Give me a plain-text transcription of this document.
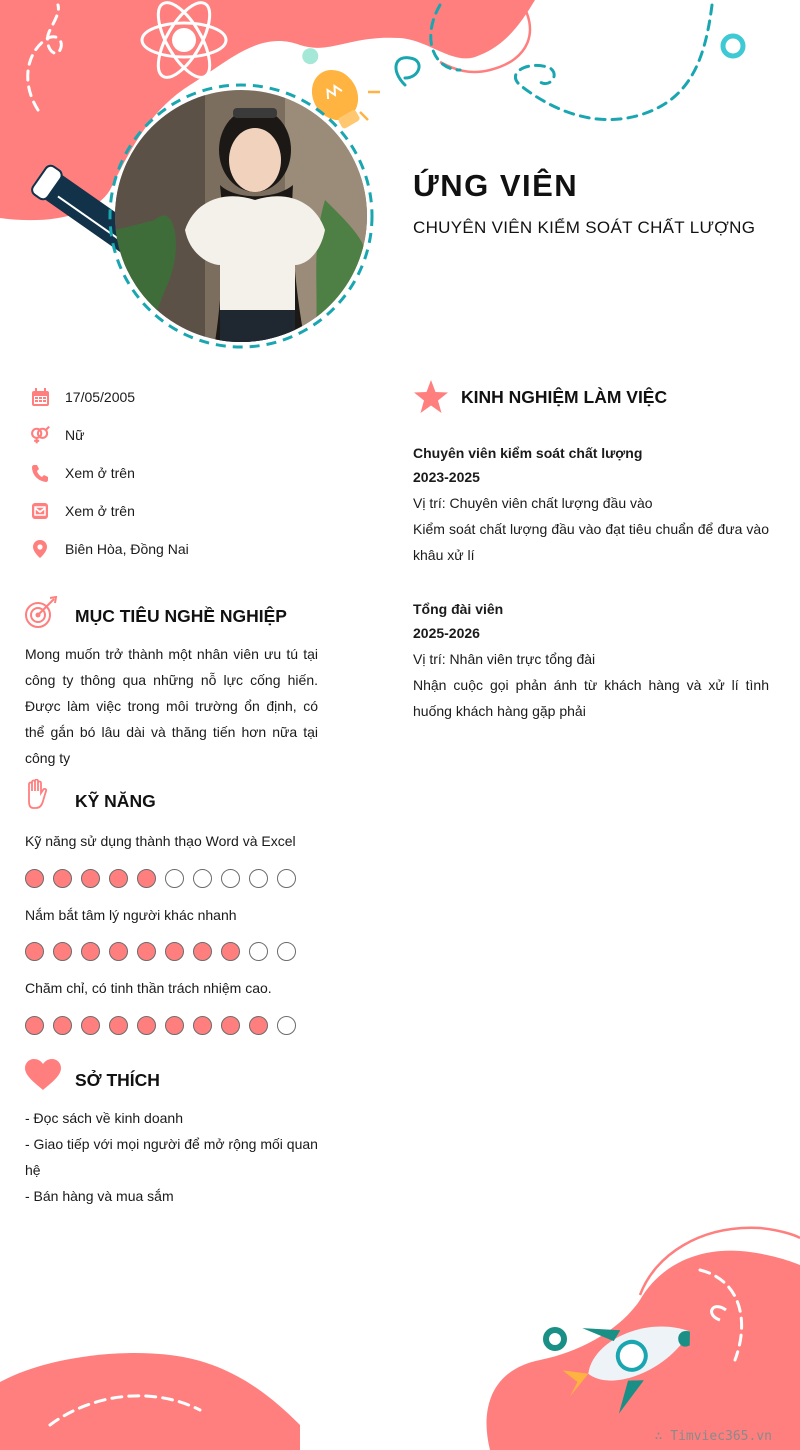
ỨNG VIÊN
CHUYÊN VIÊN KIỂM SOÁT CHẤT LƯỢNG
17/05/2005
Nữ
Xem ở trên
Xem ở trên
Biên Hòa, Đồng Nai
MỤC TIÊU NGHỀ NGHIỆP
Mong muốn trở thành một nhân viên ưu tú tại công ty thông qua những nỗ lực cống hiến. Được làm việc trong môi trường ổn định, có thể gắn bó lâu dài và thăng tiến hơn nữa tại công ty
KỸ NĂNG
Kỹ năng sử dụng thành thạo Word và Excel
Nắm bắt tâm lý người khác nhanh
Chăm chỉ, có tinh thần trách nhiệm cao.
SỞ THÍCH
- Đọc sách về kinh doanh
- Giao tiếp với mọi người để mở rộng mối quan hệ
- Bán hàng và mua sắm
KINH NGHIỆM LÀM VIỆC
Chuyên viên kiểm soát chất lượng
2023-2025
Vị trí: Chuyên viên chất lượng đầu vào
Kiểm soát chất lượng đầu vào đạt tiêu chuẩn để đưa vào khâu xử lí
Tổng đài viên
2025-2026
Vị trí: Nhân viên trực tổng đài
Nhận cuộc gọi phản ánh từ khách hàng và xử lí tình huống khách hàng gặp phải
∴ Timviec365.vn
